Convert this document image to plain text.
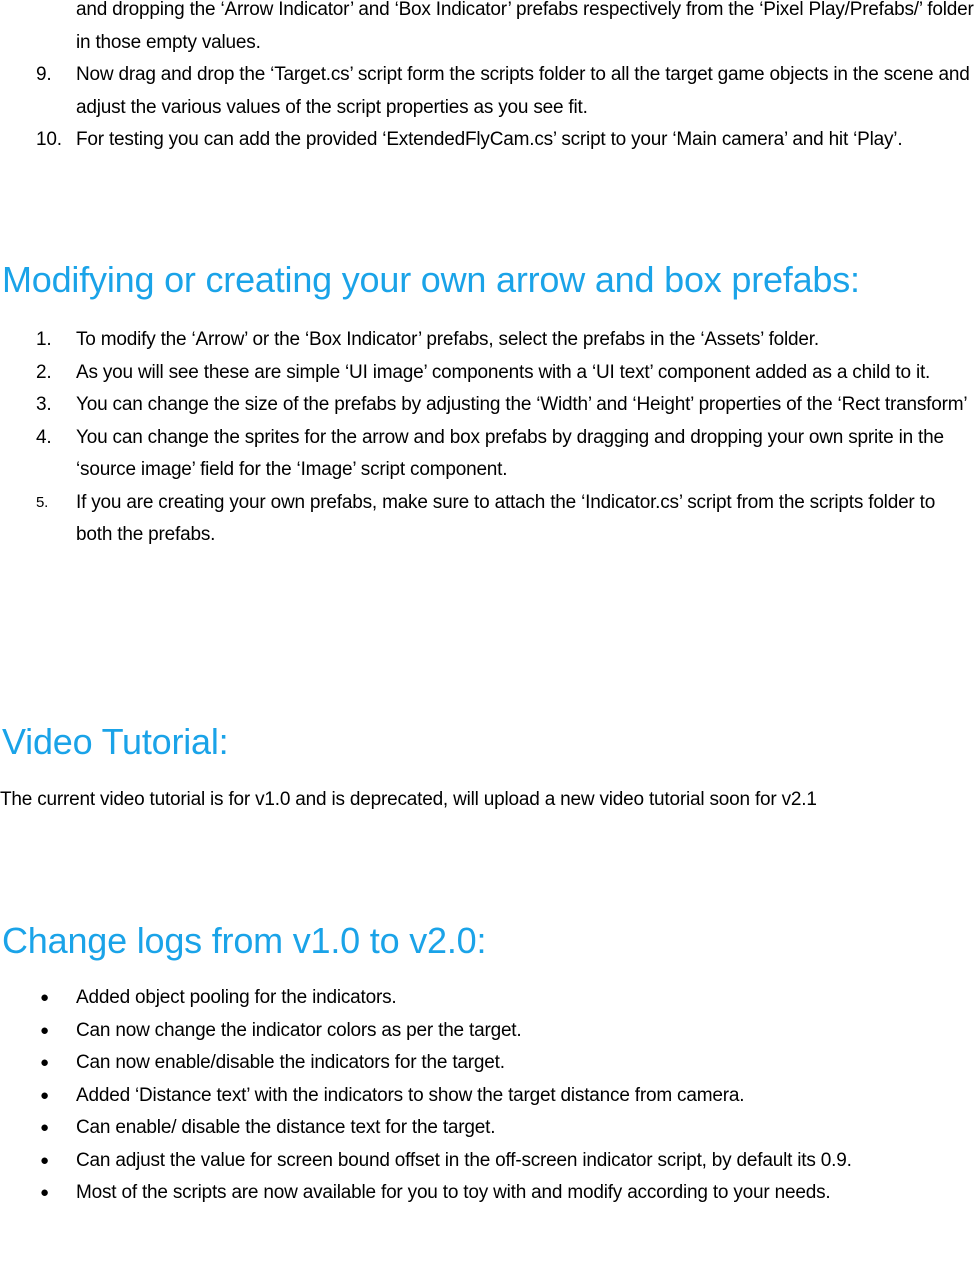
and dropping the ‘Arrow Indicator’ and ‘Box Indicator’ prefabs respectively from the ‘Pixel Play/Prefabs/’ folder in those empty values.
9. Now drag and drop the ‘Target.cs’ script form the scripts folder to all the target game objects in the scene and adjust the various values of the script properties as you see fit.
10. For testing you can add the provided ‘ExtendedFlyCam.cs’ script to your ‘Main camera’ and hit ‘Play’.
Modifying or creating your own arrow and box prefabs:
1. To modify the ‘Arrow’ or the ‘Box Indicator’ prefabs, select the prefabs in the ‘Assets’ folder.
2. As you will see these are simple ‘UI image’ components with a ‘UI text’ component added as a child to it.
3. You can change the size of the prefabs by adjusting the ‘Width’ and ‘Height’ properties of the ‘Rect transform’
4. You can change the sprites for the arrow and box prefabs by dragging and dropping your own sprite in the ‘source image’ field for the ‘Image’ script component.
5. If you are creating your own prefabs, make sure to attach the ‘Indicator.cs’ script from the scripts folder to both the prefabs.
Video Tutorial:

The current video tutorial is for v1.0 and is deprecated, will upload a new video tutorial soon for v2.1

Change logs from v1.0 to v2.0:
● Added object pooling for the indicators.
● Can now change the indicator colors as per the target.
● Can now enable/disable the indicators for the target.
● Added ‘Distance text’ with the indicators to show the target distance from camera.
● Can enable/ disable the distance text for the target.
● Can adjust the value for screen bound offset in the off-screen indicator script, by default its 0.9.
● Most of the scripts are now available for you to toy with and modify according to your needs.
